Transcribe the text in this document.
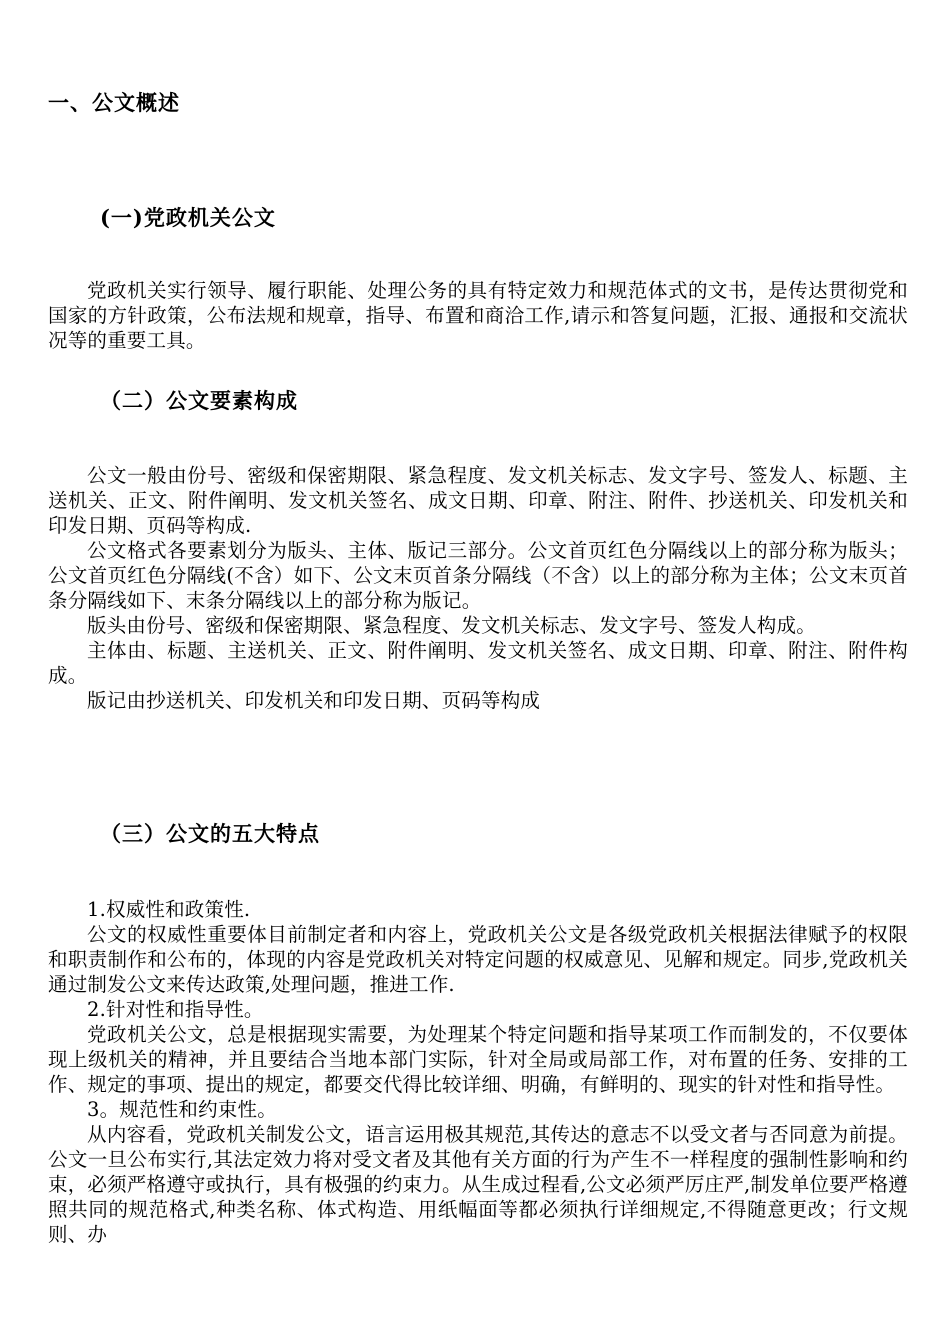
一、公文概述
(一)党政机关公文

党政机关实行领导、履行职能、处理公务的具有特定效力和规范体式的文书，是传达贯彻党和国家的方针政策，公布法规和规章，指导、布置和商洽工作,请示和答复问题，汇报、通报和交流状况等的重要工具。

（二）公文要素构成

公文一般由份号、密级和保密期限、紧急程度、发文机关标志、发文字号、签发人、标题、主送机关、正文、附件阐明、发文机关签名、成文日期、印章、附注、附件、抄送机关、印发机关和印发日期、页码等构成.

公文格式各要素划分为版头、主体、版记三部分。公文首页红色分隔线以上的部分称为版头；公文首页红色分隔线(不含）如下、公文末页首条分隔线（不含）以上的部分称为主体；公文末页首条分隔线如下、末条分隔线以上的部分称为版记。

版头由份号、密级和保密期限、紧急程度、发文机关标志、发文字号、签发人构成。

主体由、标题、主送机关、正文、附件阐明、发文机关签名、成文日期、印章、附注、附件构成。

版记由抄送机关、印发机关和印发日期、页码等构成

（三）公文的五大特点

1.权威性和政策性.

公文的权威性重要体目前制定者和内容上，党政机关公文是各级党政机关根据法律赋予的权限和职责制作和公布的，体现的内容是党政机关对特定问题的权威意见、见解和规定。同步,党政机关通过制发公文来传达政策,处理问题，推进工作.

2.针对性和指导性。

党政机关公文，总是根据现实需要，为处理某个特定问题和指导某项工作而制发的，不仅要体现上级机关的精神，并且要结合当地本部门实际，针对全局或局部工作，对布置的任务、安排的工作、规定的事项、提出的规定，都要交代得比较详细、明确，有鲜明的、现实的针对性和指导性。

3。规范性和约束性。

从内容看，党政机关制发公文，语言运用极其规范,其传达的意志不以受文者与否同意为前提。公文一旦公布实行,其法定效力将对受文者及其他有关方面的行为产生不一样程度的强制性影响和约束，必须严格遵守或执行，具有极强的约束力。从生成过程看,公文必须严厉庄严,制发单位要严格遵照共同的规范格式,种类名称、体式构造、用纸幅面等都必须执行详细规定,不得随意更改；行文规则、办
